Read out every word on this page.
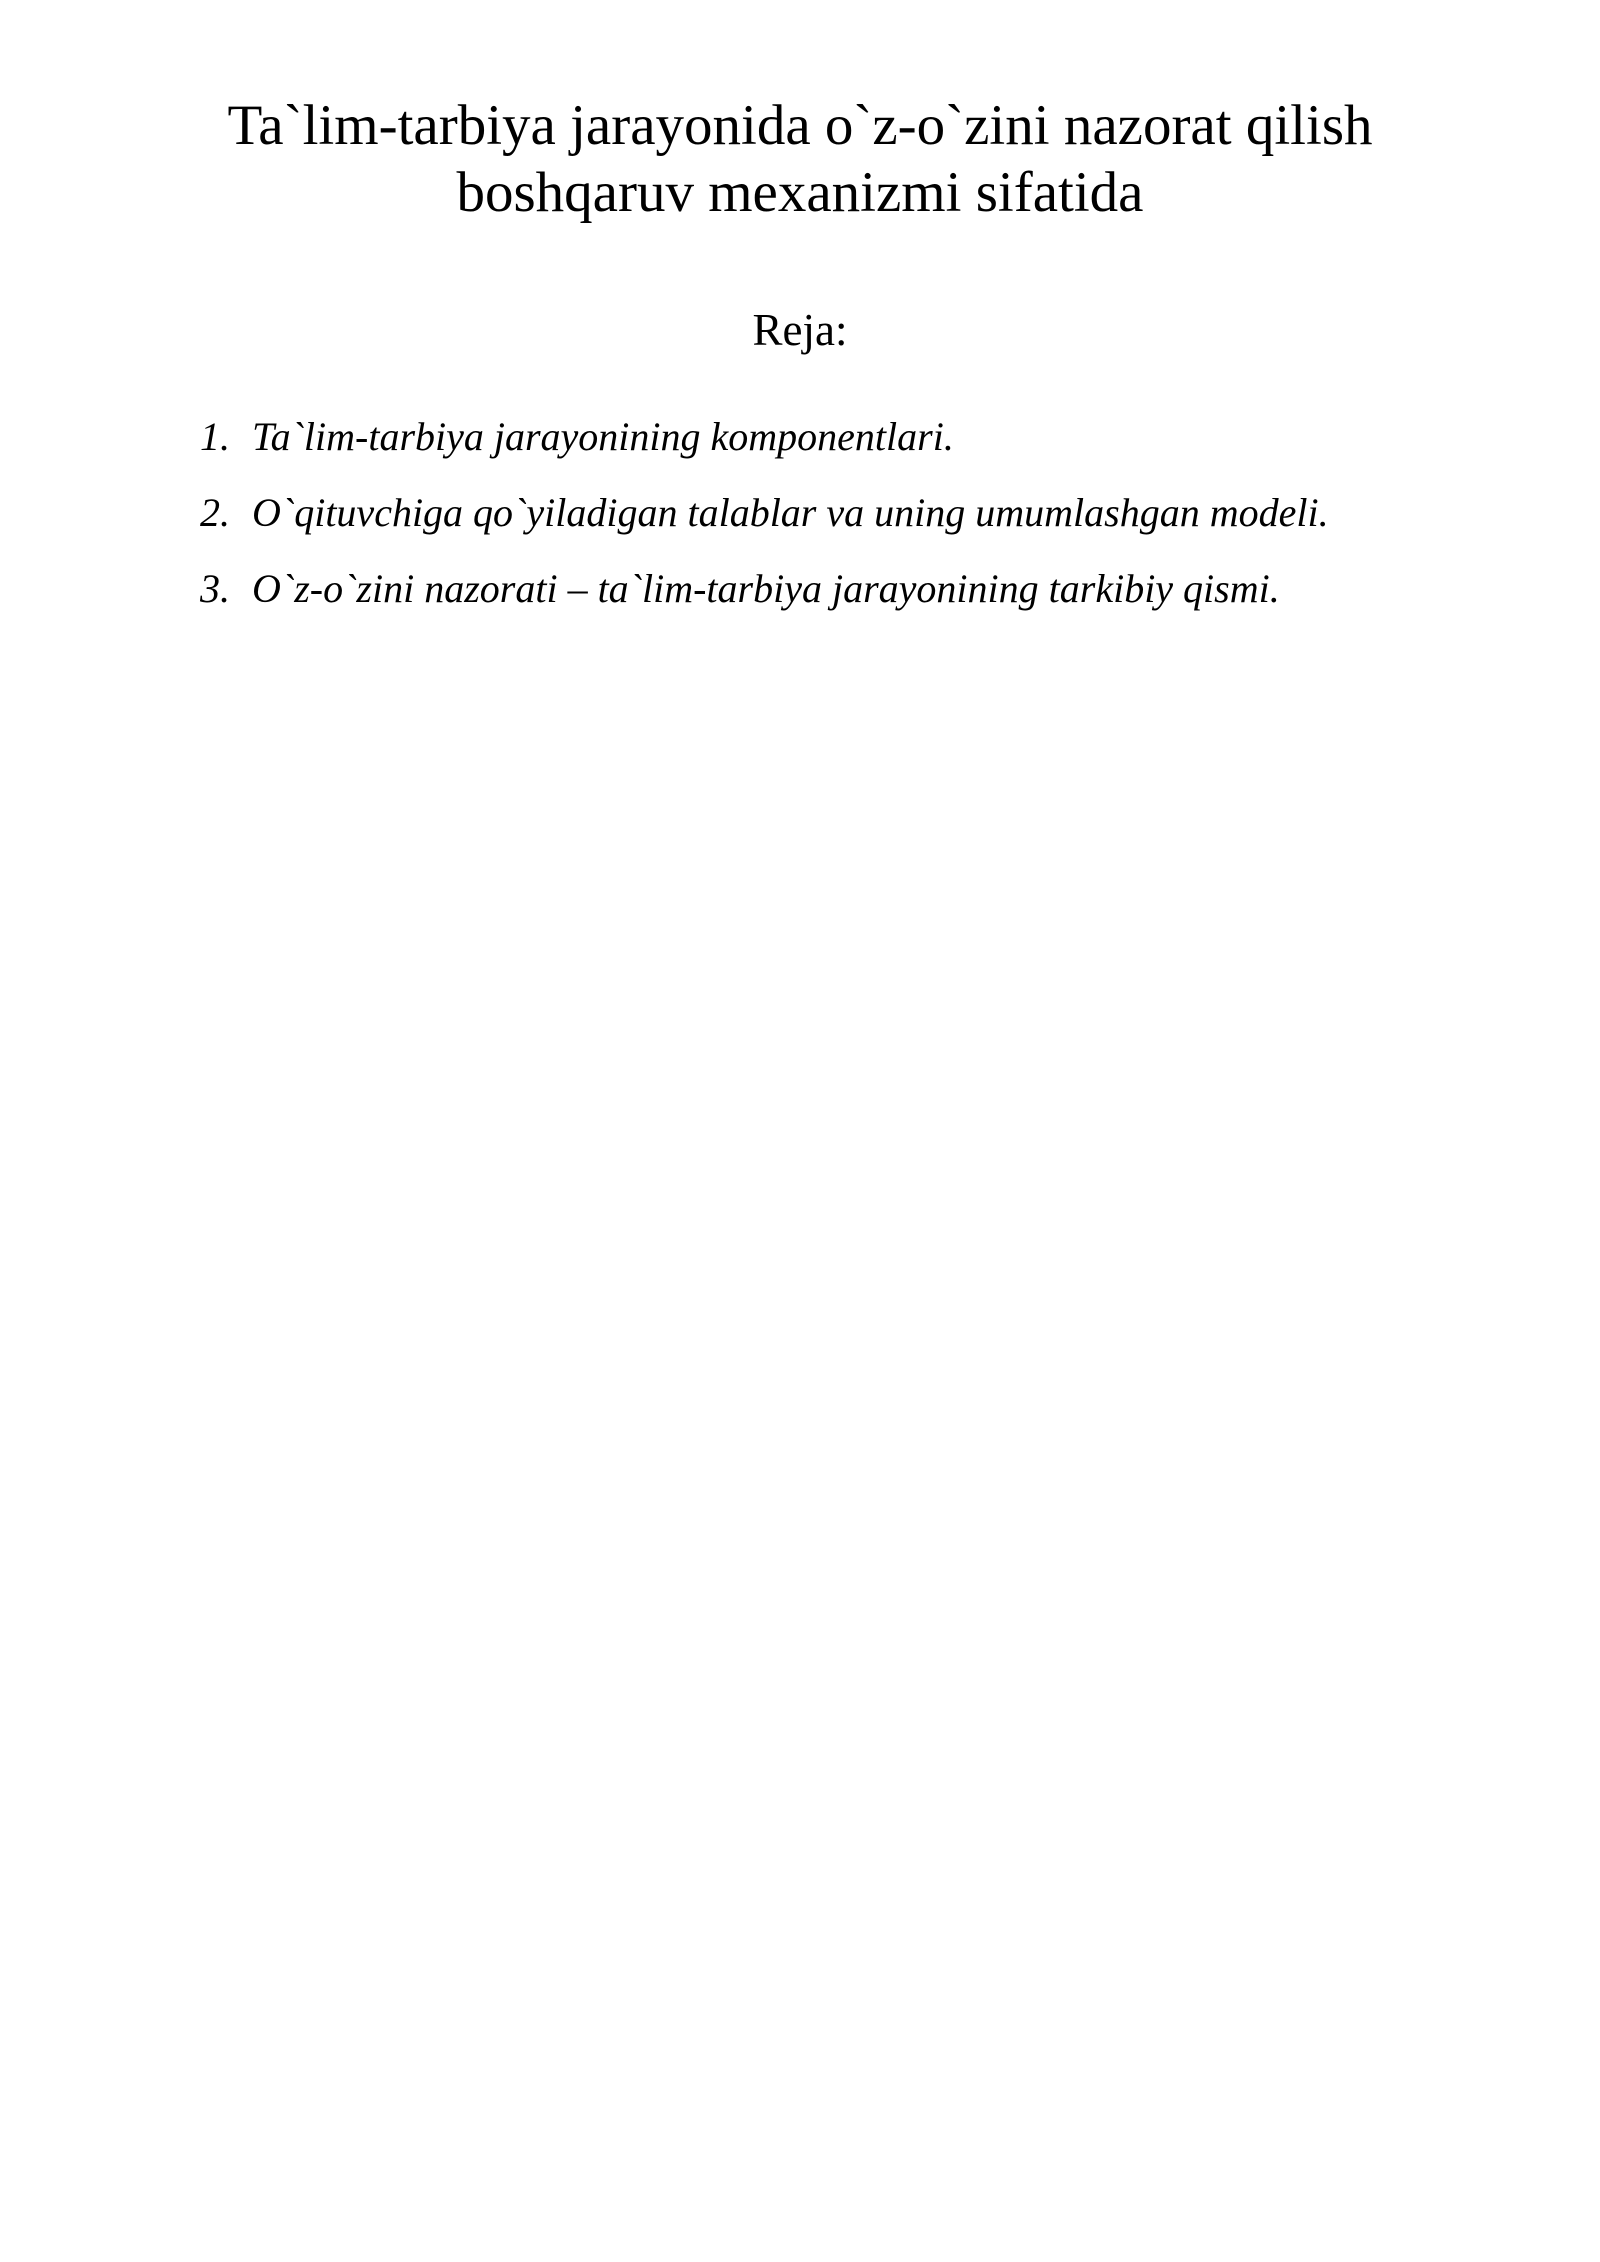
Ta`lim-tarbiya jarayonida o`z-o`zini nazorat qilish
boshqaruv mexanizmi sifatida
Reja:
1. Ta`lim-tarbiya jarayonining komponentlari.
2. O`qituvchiga qo`yiladigan talablar va uning umumlashgan modeli.
3. O`z-o`zini nazorati – ta`lim-tarbiya jarayonining tarkibiy qismi.
